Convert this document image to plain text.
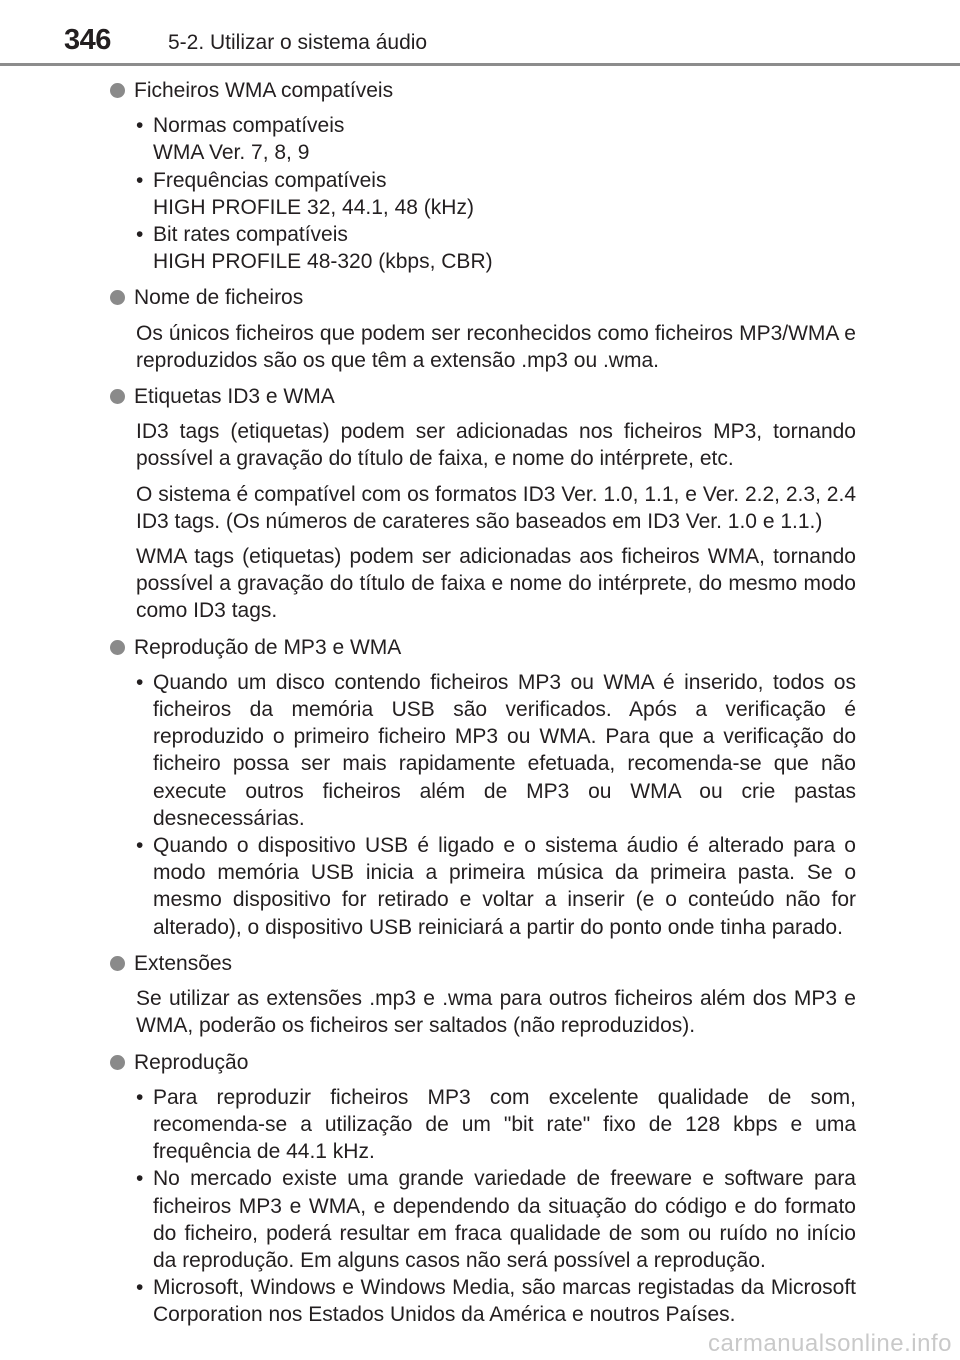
346	5-2. Utilizar o sistema áudio
Ficheiros WMA compatíveis
• Normas compatíveis
WMA Ver. 7, 8, 9
• Frequências compatíveis
HIGH PROFILE 32, 44.1, 48 (kHz)
• Bit rates compatíveis
HIGH PROFILE 48-320 (kbps, CBR)
Nome de ficheiros
Os únicos ficheiros que podem ser reconhecidos como ficheiros MP3/WMA e reproduzidos são os que têm a extensão .mp3 ou .wma.
Etiquetas ID3 e WMA
ID3 tags (etiquetas) podem ser adicionadas nos ficheiros MP3, tornando possível a gravação do título de faixa, e nome do intérprete, etc.
O sistema é compatível com os formatos ID3 Ver. 1.0, 1.1, e Ver. 2.2, 2.3, 2.4 ID3 tags. (Os números de carateres são baseados em ID3 Ver. 1.0 e 1.1.)
WMA tags (etiquetas) podem ser adicionadas aos ficheiros WMA, tornando possível a gravação do título de faixa e nome do intérprete, do mesmo modo como ID3 tags.
Reprodução de MP3 e WMA
• Quando um disco contendo ficheiros MP3 ou WMA é inserido, todos os ficheiros da memória USB são verificados. Após a verificação é reproduzido o primeiro ficheiro MP3 ou WMA. Para que a verificação do ficheiro possa ser mais rapidamente efetuada, recomenda-se que não execute outros ficheiros além de MP3 ou WMA ou crie pastas desnecessárias.
• Quando o dispositivo USB é ligado e o sistema áudio é alterado para o modo memória USB inicia a primeira música da primeira pasta. Se o mesmo dispositivo for retirado e voltar a inserir (e o conteúdo não for alterado), o dispositivo USB reiniciará a partir do ponto onde tinha parado.
Extensões
Se utilizar as extensões .mp3 e .wma para outros ficheiros além dos MP3 e WMA, poderão os ficheiros ser saltados (não reproduzidos).
Reprodução
• Para reproduzir ficheiros MP3 com excelente qualidade de som, recomenda-se a utilização de um "bit rate" fixo de 128 kbps e uma frequência de 44.1 kHz.
• No mercado existe uma grande variedade de freeware e software para ficheiros MP3 e WMA, e dependendo da situação do código e do formato do ficheiro, poderá resultar em fraca qualidade de som ou ruído no início da reprodução. Em alguns casos não será possível a reprodução.
• Microsoft, Windows e Windows Media, são marcas registadas da Microsoft Corporation nos Estados Unidos da América e noutros Países.
carmanualsonline.info
